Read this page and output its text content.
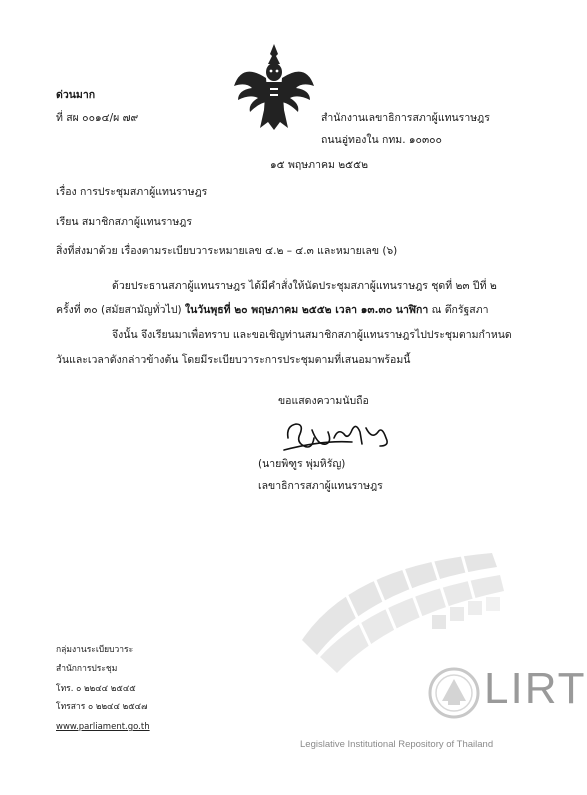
ด่วนมาก
ที่ สผ ๐๐๑๔/ผ ๗๙	สำนักงานเลขาธิการสภาผู้แทนราษฎร
ถนนอู่ทองใน กทม. ๑๐๓๐๐
๑๕ พฤษภาคม ๒๕๕๒
เรื่อง การประชุมสภาผู้แทนราษฎร
เรียน สมาชิกสภาผู้แทนราษฎร
สิ่งที่ส่งมาด้วย เรื่องตามระเบียบวาระหมายเลข ๔.๒ – ๔.๓ และหมายเลข (๖)
ด้วยประธานสภาผู้แทนราษฎร ได้มีคำสั่งให้นัดประชุมสภาผู้แทนราษฎร ชุดที่ ๒๓ ปีที่ ๒
ครั้งที่ ๓๐ (สมัยสามัญทั่วไป) ในวันพุธที่ ๒๐ พฤษภาคม ๒๕๕๒ เวลา ๑๓.๓๐ นาฬิกา ณ ตึกรัฐสภา
จึงนั้น จึงเรียนมาเพื่อทราบ และขอเชิญท่านสมาชิกสภาผู้แทนราษฎรไปประชุมตามกำหนด
วันและเวลาดังกล่าวข้างต้น โดยมีระเบียบวาระการประชุมตามที่เสนอมาพร้อมนี้
ขอแสดงความนับถือ
(นายพิฑูร พุ่มหิรัญ)
เลขาธิการสภาผู้แทนราษฎร
กลุ่มงานระเบียบวาระ
สำนักการประชุม
โทร. ๐ ๒๒๔๔ ๒๕๔๕
โทรสาร ๐ ๒๒๔๔ ๒๕๔๗
www.parliament.go.th
LIRT
Legislative Institutional Repository of Thailand
